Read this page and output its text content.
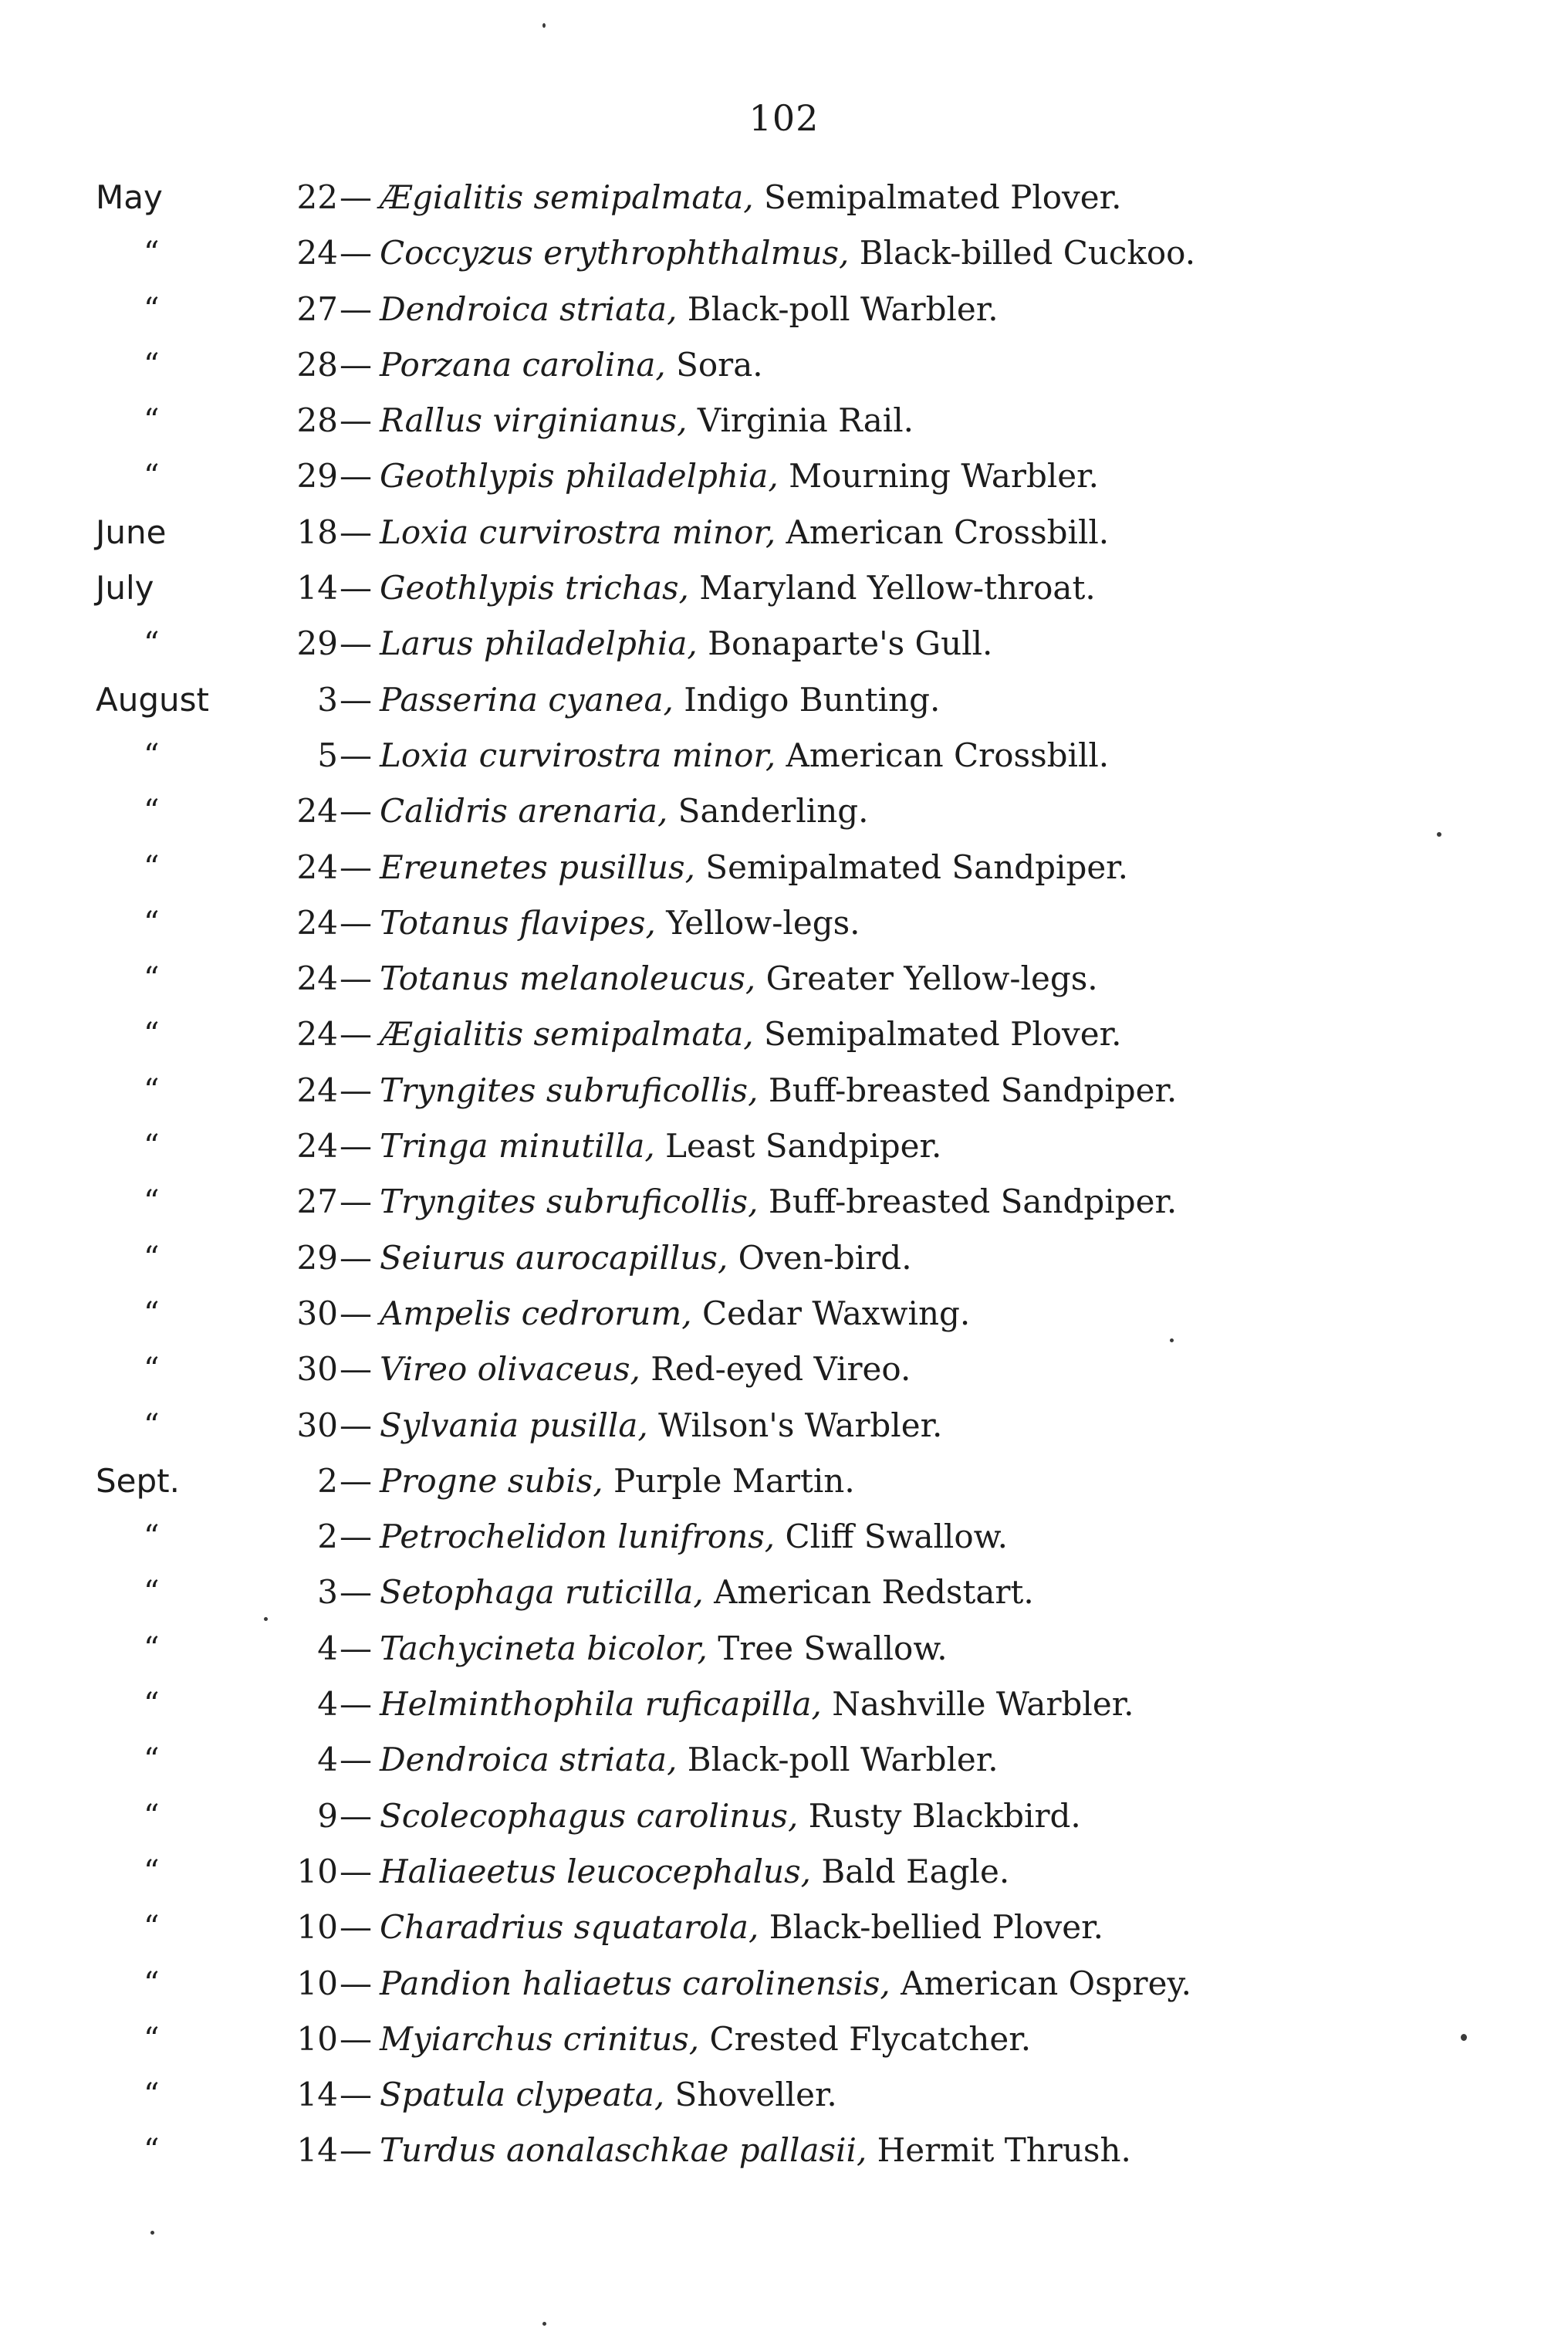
102
May	22 — Ægialitis semipalmata, Semipalmated Plover.
“	24 — Coccyzus erythrophthalmus, Black-billed Cuckoo.
“	27 — Dendroica striata, Black-poll Warbler.
“	28 — Porzana carolina, Sora.
“	28 — Rallus virginianus, Virginia Rail.
“	29 — Geothlypis philadelphia, Mourning Warbler.
June	18 — Loxia curvirostra minor, American Crossbill.
July	14 — Geothlypis trichas, Maryland Yellow-throat.
“	29 — Larus philadelphia, Bonaparte's Gull.
August	3 — Passerina cyanea, Indigo Bunting.
“	5 — Loxia curvirostra minor, American Crossbill.
“	24 — Calidris arenaria, Sanderling.
“	24 — Ereunetes pusillus, Semipalmated Sandpiper.
“	24 — Totanus flavipes, Yellow-legs.
“	24 — Totanus melanoleucus, Greater Yellow-legs.
“	24 — Ægialitis semipalmata, Semipalmated Plover.
“	24 — Tryngites subruficollis, Buff-breasted Sandpiper.
“	24 — Tringa minutilla, Least Sandpiper.
“	27 — Tryngites subruficollis, Buff-breasted Sandpiper.
“	29 — Seiurus aurocapillus, Oven-bird.
“	30 — Ampelis cedrorum, Cedar Waxwing.
“	30 — Vireo olivaceus, Red-eyed Vireo.
“	30 — Sylvania pusilla, Wilson's Warbler.
Sept.	2 — Progne subis, Purple Martin.
“	2 — Petrochelidon lunifrons, Cliff Swallow.
“	3 — Setophaga ruticilla, American Redstart.
“	4 — Tachycineta bicolor, Tree Swallow.
“	4 — Helminthophila ruficapilla, Nashville Warbler.
“	4 — Dendroica striata, Black-poll Warbler.
“	9 — Scolecophagus carolinus, Rusty Blackbird.
“	10 — Haliaeetus leucocephalus, Bald Eagle.
“	10 — Charadrius squatarola, Black-bellied Plover.
“	10 — Pandion haliaetus carolinensis, American Osprey.
“	10 — Myiarchus crinitus, Crested Flycatcher.
“	14 — Spatula clypeata, Shoveller.
“	14 — Turdus aonalaschkae pallasii, Hermit Thrush.
